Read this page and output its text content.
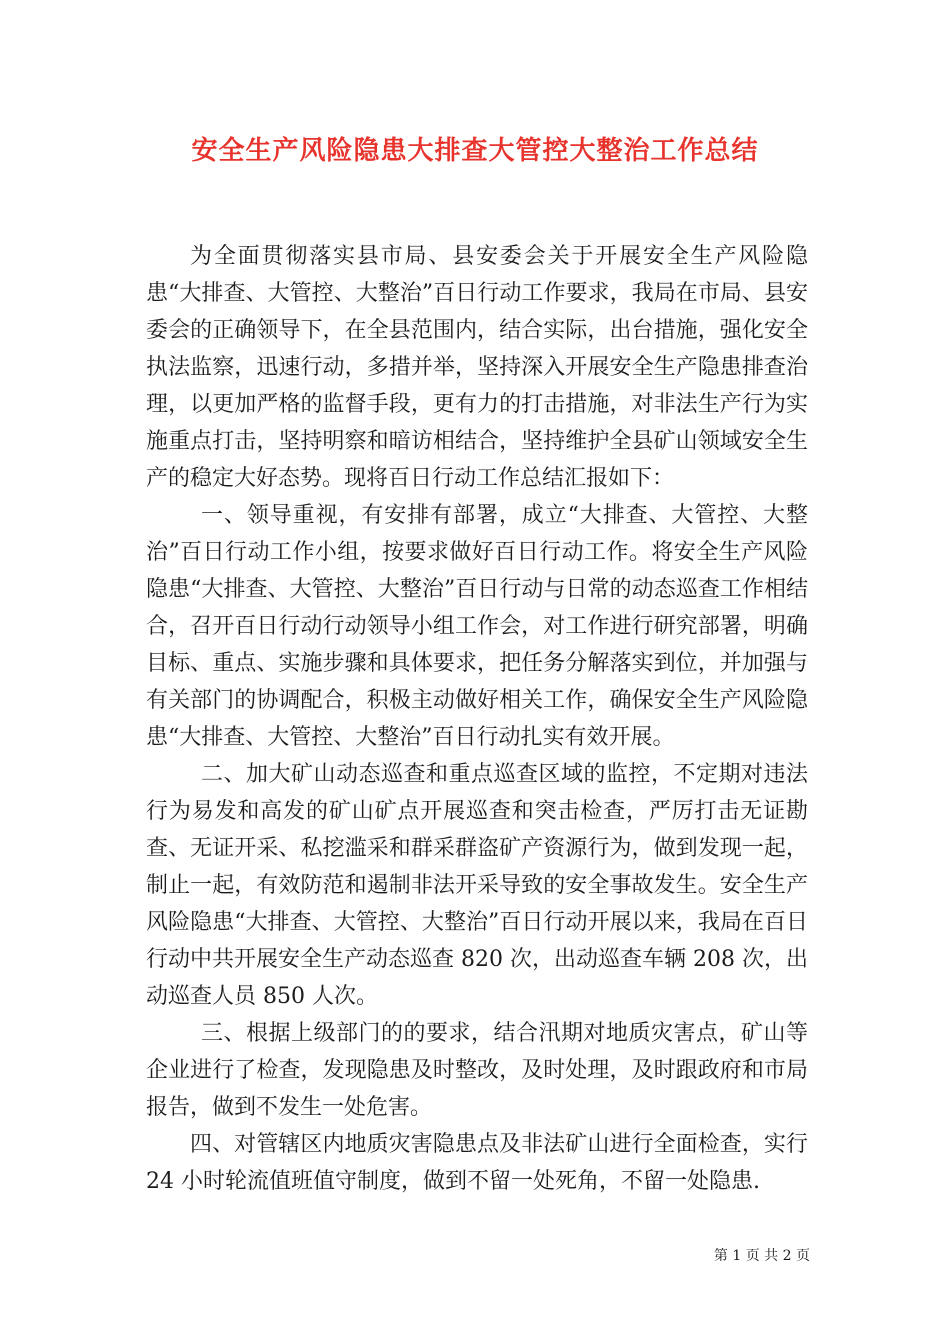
安全生产风险隐患大排查大管控大整治工作总结

为全面贯彻落实县市局、县安委会关于开展安全生产风险隐患“大排查、大管控、大整治”百日行动工作要求，我局在市局、县安委会的正确领导下，在全县范围内，结合实际，出台措施，强化安全执法监察，迅速行动，多措并举，坚持深入开展安全生产隐患排查治理，以更加严格的监督手段，更有力的打击措施，对非法生产行为实施重点打击，坚持明察和暗访相结合，坚持维护全县矿山领域安全生产的稳定大好态势。现将百日行动工作总结汇报如下：

一、领导重视，有安排有部署，成立“大排查、大管控、大整治”百日行动工作小组，按要求做好百日行动工作。将安全生产风险隐患“大排查、大管控、大整治”百日行动与日常的动态巡查工作相结合，召开百日行动行动领导小组工作会，对工作进行研究部署，明确目标、重点、实施步骤和具体要求，把任务分解落实到位，并加强与有关部门的协调配合，积极主动做好相关工作，确保安全生产风险隐患“大排查、大管控、大整治”百日行动扎实有效开展。

二、加大矿山动态巡查和重点巡查区域的监控，不定期对违法行为易发和高发的矿山矿点开展巡查和突击检查，严厉打击无证勘查、无证开采、私挖滥采和群采群盗矿产资源行为，做到发现一起，制止一起，有效防范和遏制非法开采导致的安全事故发生。安全生产风险隐患“大排查、大管控、大整治”百日行动开展以来，我局在百日行动中共开展安全生产动态巡查 820 次，出动巡查车辆 208 次，出动巡查人员 850 人次。

三、根据上级部门的的要求，结合汛期对地质灾害点，矿山等企业进行了检查，发现隐患及时整改，及时处理，及时跟政府和市局报告，做到不发生一处危害。

四、对管辖区内地质灾害隐患点及非法矿山进行全面检查，实行 24 小时轮流值班值守制度，做到不留一处死角，不留一处隐患.

第 1 页 共 2 页
